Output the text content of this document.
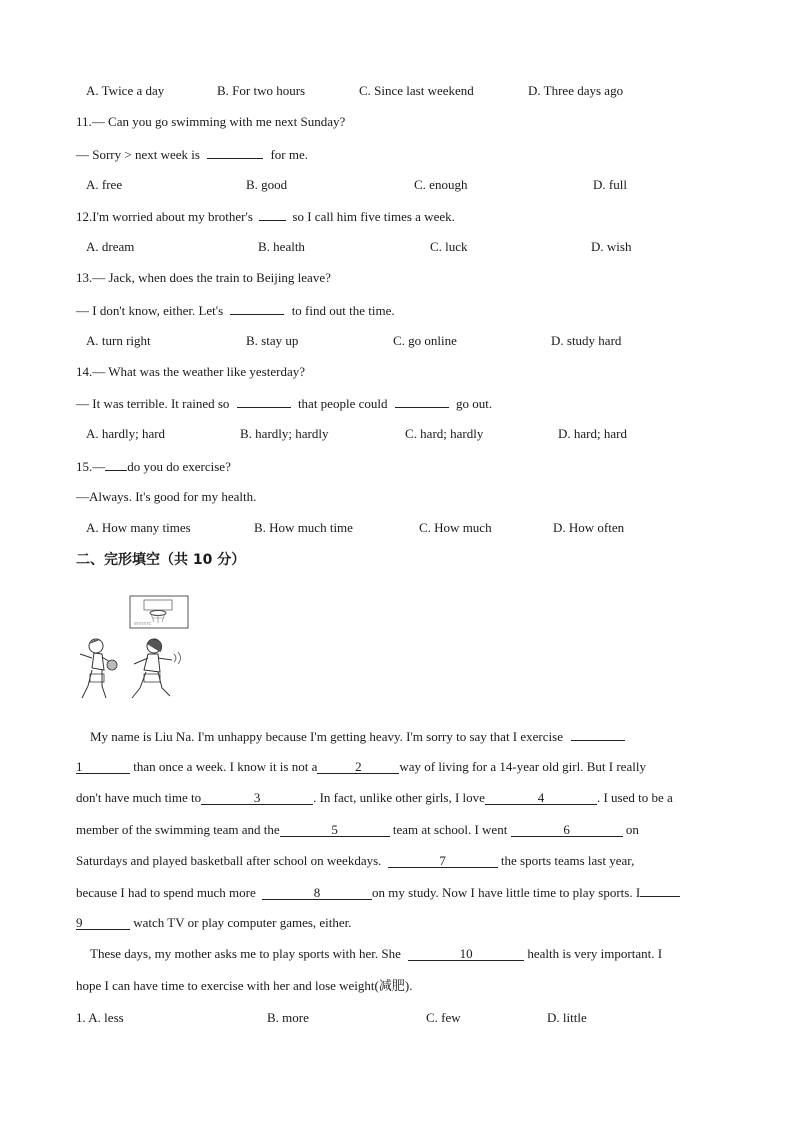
A. Twice a day	B. For two hours	C. Since last weekend	D. Three days ago
11.— Can you go swimming with me next Sunday?
— Sorry > next week is	for me.
A. free	B. good	C. enough	D. full
12.I'm worried about my brother's	so I call him five times a week.
A. dream	B. health	C. luck	D. wish
13.— Jack, when does the train to Beijing leave?
— I don't know, either. Let's	to find out the time.
A. turn right	B. stay up	C. go online	D. study hard
14.— What was the weather like yesterday?
— It was terrible. It rained so	that people could	go out.
A. hardly; hard	B. hardly; hardly	C. hard; hardly	D. hard; hard
15.— do you do exercise?
—Always. It's good for my health.
A. How many times	B. How much time	C. How much	D. How often
二、完形填空（共 10 分）
ennnrc
My name is Liu Na. I'm unhappy because I'm getting heavy. I'm sorry to say that I exercise
1	than once a week. I know it is not a	2	way of living for a 14-year old girl. But I really
don't have much time to	3	. In fact, unlike other girls, I love	4	. I used to be a
member of the swimming team and the	5	team at school. I went	6	on
Saturdays and played basketball after school on weekdays.	7	the sports teams last year,
because I had to spend much more	8	on my study. Now I have little time to play sports. I
9	watch TV or play computer games, either.
These days, my mother asks me to play sports with her. She	10	health is very important. I
hope I can have time to exercise with her and lose weight(减肥).
1. A. less	B. more	C. few	D. little
